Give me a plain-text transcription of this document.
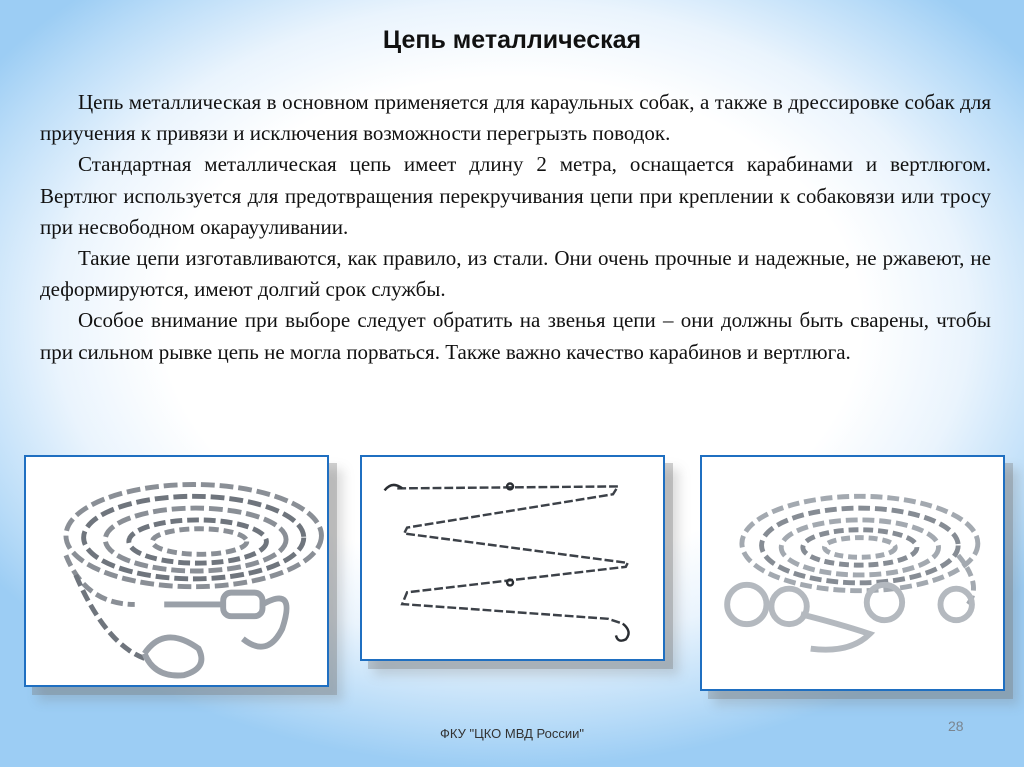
Цепь металлическая

Цепь металлическая в основном применяется для караульных собак, а также в дрессировке собак для приучения к привязи и исключения возможности перегрызть поводок.

Стандартная металлическая цепь имеет длину 2 метра, оснащается карабинами и вертлюгом. Вертлюг используется для предотвращения перекручивания цепи при креплении к собаковязи или тросу при несвободном окараууливании.

Такие цепи изготавливаются, как правило, из стали. Они очень прочные и надежные, не ржавеют, не деформируются, имеют долгий срок службы.

Особое внимание при выборе следует обратить на звенья цепи – они должны быть сварены, чтобы при сильном рывке цепь не могла порваться. Также важно качество карабинов и вертлюга.

ФКУ "ЦКО МВД России"	28
